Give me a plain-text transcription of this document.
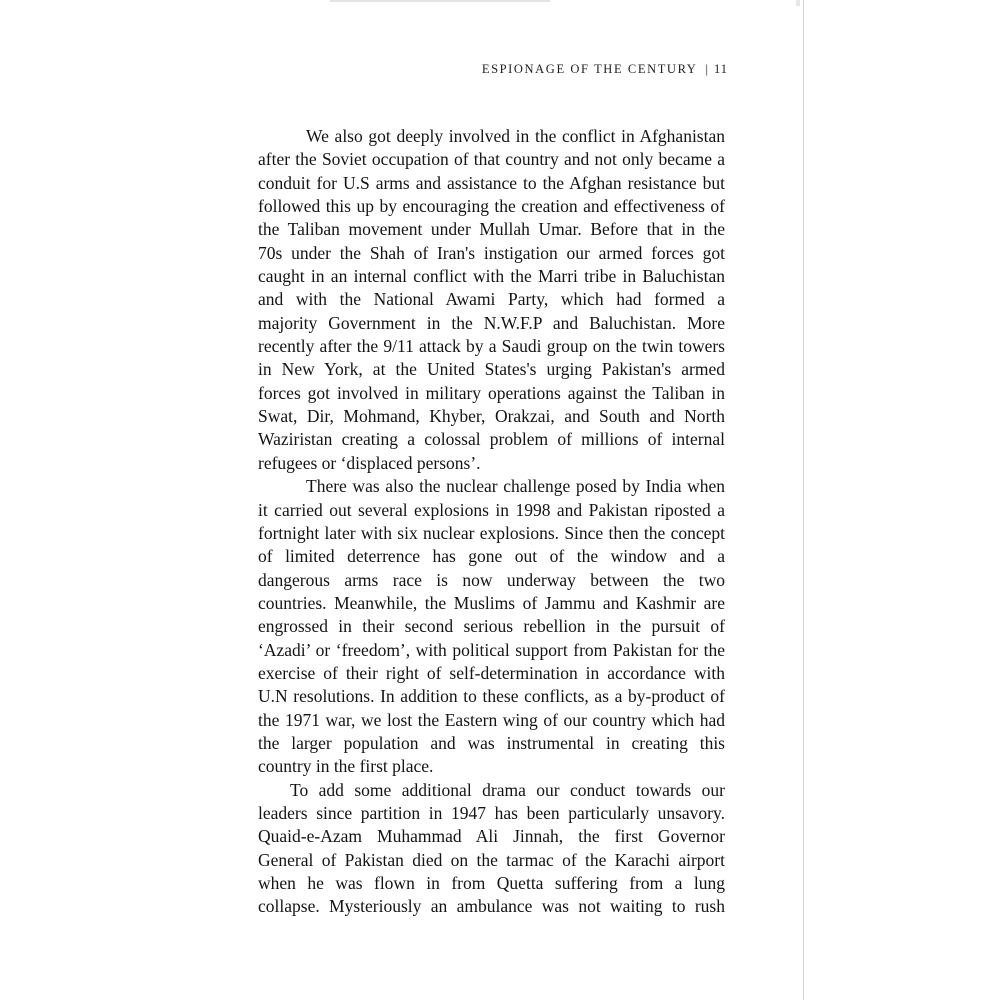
ESPIONAGE OF THE CENTURY | 11
We also got deeply involved in the conflict in Afghanistan
after the Soviet occupation of that country and not only became a
conduit for U.S arms and assistance to the Afghan resistance but
followed this up by encouraging the creation and effectiveness of
the Taliban movement under Mullah Umar. Before that in the
70s under the Shah of Iran's instigation our armed forces got
caught in an internal conflict with the Marri tribe in Baluchistan
and with the National Awami Party, which had formed a
majority Government in the N.W.F.P and Baluchistan. More
recently after the 9/11 attack by a Saudi group on the twin towers
in New York, at the United States's urging Pakistan's armed
forces got involved in military operations against the Taliban in
Swat, Dir, Mohmand, Khyber, Orakzai, and South and North
Waziristan creating a colossal problem of millions of internal
refugees or ‘displaced persons’.
There was also the nuclear challenge posed by India when
it carried out several explosions in 1998 and Pakistan riposted a
fortnight later with six nuclear explosions. Since then the concept
of limited deterrence has gone out of the window and a
dangerous arms race is now underway between the two
countries. Meanwhile, the Muslims of Jammu and Kashmir are
engrossed in their second serious rebellion in the pursuit of
‘Azadi’ or ‘freedom’, with political support from Pakistan for the
exercise of their right of self-determination in accordance with
U.N resolutions. In addition to these conflicts, as a by-product of
the 1971 war, we lost the Eastern wing of our country which had
the larger population and was instrumental in creating this
country in the first place.
To add some additional drama our conduct towards our
leaders since partition in 1947 has been particularly unsavory.
Quaid-e-Azam Muhammad Ali Jinnah, the first Governor
General of Pakistan died on the tarmac of the Karachi airport
when he was flown in from Quetta suffering from a lung
collapse. Mysteriously an ambulance was not waiting to rush
